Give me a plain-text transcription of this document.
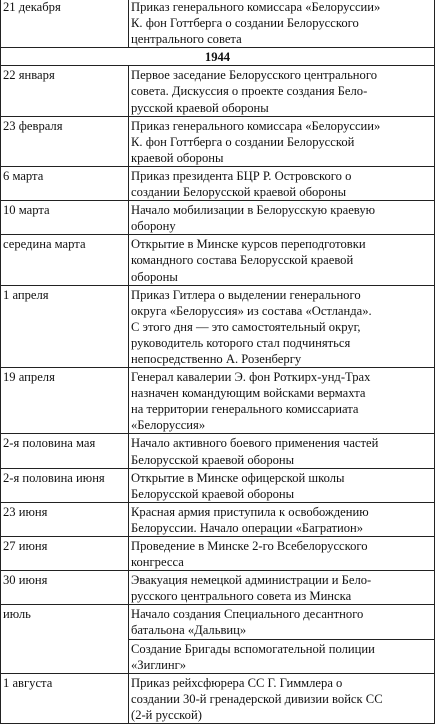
21 декабря	Приказ генерального комиссара «Белоруссии»
К. фон Готтберга о создании Белорусского
центрального совета

1944	
22 января	Первое заседание Белорусского центрального
совета. Дискуссия о проекте создания Бело-
русской краевой обороны

23 февраля	Приказ генерального комиссара «Белоруссии»
К. фон Готтберга о создании Белорусской
краевой обороны

6 марта	Приказ президента БЦР Р. Островского о
создании Белорусской краевой обороны

10 марта	Начало мобилизации в Белорусскую краевую
оборону

середина марта	Открытие в Минске курсов переподготовки
командного состава Белорусской краевой
обороны

1 апреля	Приказ Гитлера о выделении генерального
округа «Белоруссия» из состава «Остланда».
С этого дня — это самостоятельный округ,
руководитель которого стал подчиняться
непосредственно А. Розенбергу

19 апреля	Генерал кавалерии Э. фон Роткирх-унд-Трах
назначен командующим войсками вермахта
на территории генерального комиссариата
«Белоруссия»

2-я половина мая	Начало активного боевого применения частей
Белорусской краевой обороны

2-я половина июня	Открытие в Минске офицерской школы
Белорусской краевой обороны

23 июня	Красная армия приступила к освобождению
Белоруссии. Начало операции «Багратион»

27 июня	Проведение в Минске 2-го Всебелорусского
конгресса

30 июня	Эвакуация немецкой администрации и Бело-
русского центрального совета из Минска

июль	Начало создания Специального десантного
батальона «Дальвиц»
Создание Бригады вспомогательной полиции
«Зиглинг»

1 августа	Приказ рейхсфюрера СС Г. Гиммлера о
создании 30-й гренадерской дивизии войск СС
(2-й русской)
